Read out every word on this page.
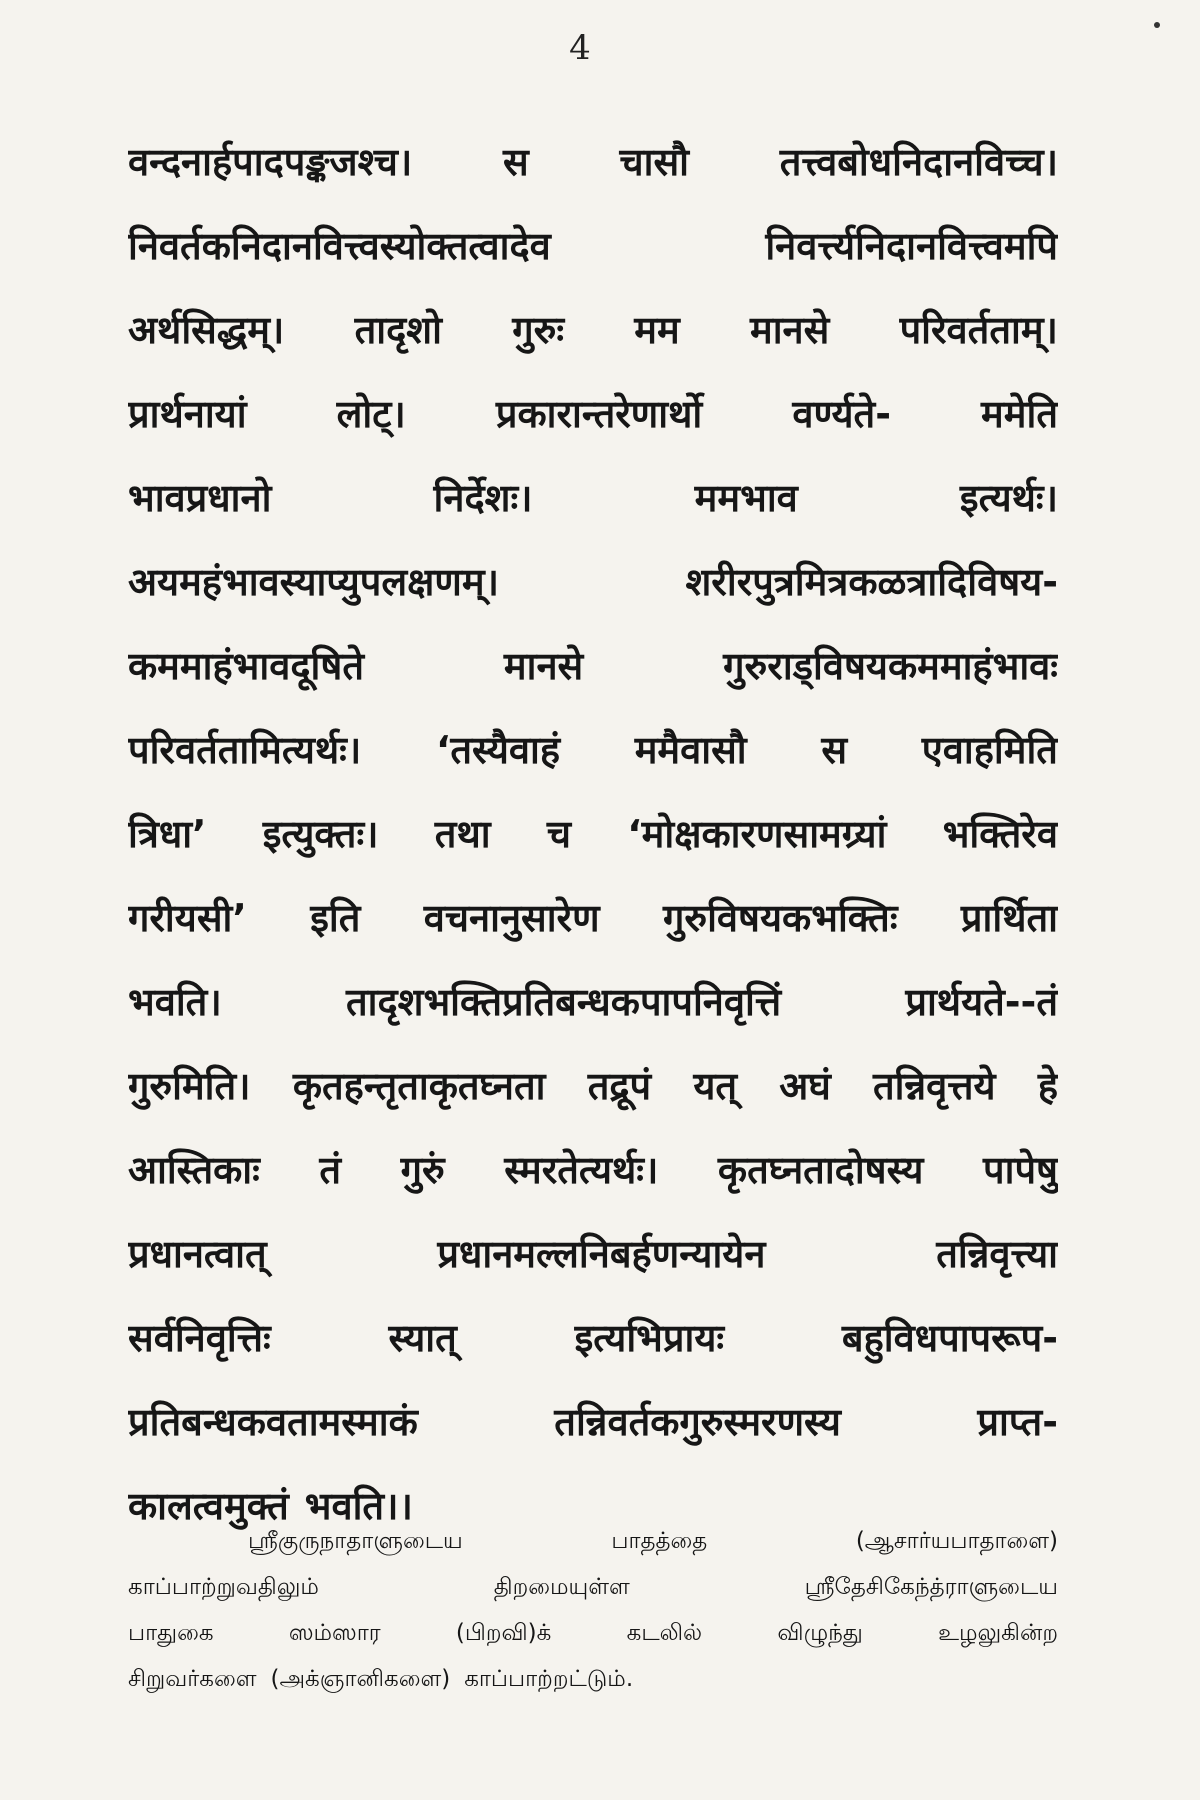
4
वन्दनार्हपादपङ्कजश्च। स चासौ तत्त्वबोधनिदानविच्च।
निवर्तकनिदानवित्त्वस्योक्तत्वादेव	निवर्त्त्यनिदानवित्त्वमपि
अर्थसिद्धम्। तादृशो गुरुः मम मानसे परिवर्तताम्।
प्रार्थनायां लोट्। प्रकारान्तरेणार्थो वर्ण्यते- ममेति
भावप्रधानो	निर्देशः।	ममभाव	इत्यर्थः।
अयमहंभावस्याप्युपलक्षणम्।	शरीरपुत्रमित्रकळत्रादिविषय-
कममाहंभावदूषिते	मानसे	गुरुराड्विषयकममाहंभावः
परिवर्ततामित्यर्थः। ‘तस्यैवाहं ममैवासौ स एवाहमिति
त्रिधा’ इत्युक्तः। तथा च ‘मोक्षकारणसामग्र्यां भक्तिरेव
गरीयसी’ इति वचनानुसारेण गुरुविषयकभक्तिः प्रार्थिता
भवति।	तादृशभक्तिप्रतिबन्धकपापनिवृत्तिं	प्रार्थयते--तं
गुरुमिति। कृतहन्तृताकृतघ्नता तद्रूपं यत् अघं तन्निवृत्तये हे
आस्तिकाः तं गुरुं स्मरतेत्यर्थः। कृतघ्नतादोषस्य पापेषु
प्रधानत्वात्	प्रधानमल्लनिबर्हणन्यायेन	तन्निवृत्त्या
सर्वनिवृत्तिः	स्यात्	इत्यभिप्रायः	बहुविधपापरूप-
प्रतिबन्धकवतामस्माकं	तन्निवर्तकगुरुस्मरणस्य	प्राप्त-
कालत्वमुक्तं भवति।।
ஸ்ரீகுருநாதாளுடைய	பாதத்தை	(ஆசார்யபாதாளை)
காப்பாற்றுவதிலும்	திறமையுள்ள	ஸ்ரீதேசிகேந்த்ராளுடைய
பாதுகை	ஸம்ஸார	(பிறவி)க்	கடலில்	விழுந்து	உழலுகின்ற
சிறுவர்களை (அக்ஞானிகளை) காப்பாற்றட்டும்.
